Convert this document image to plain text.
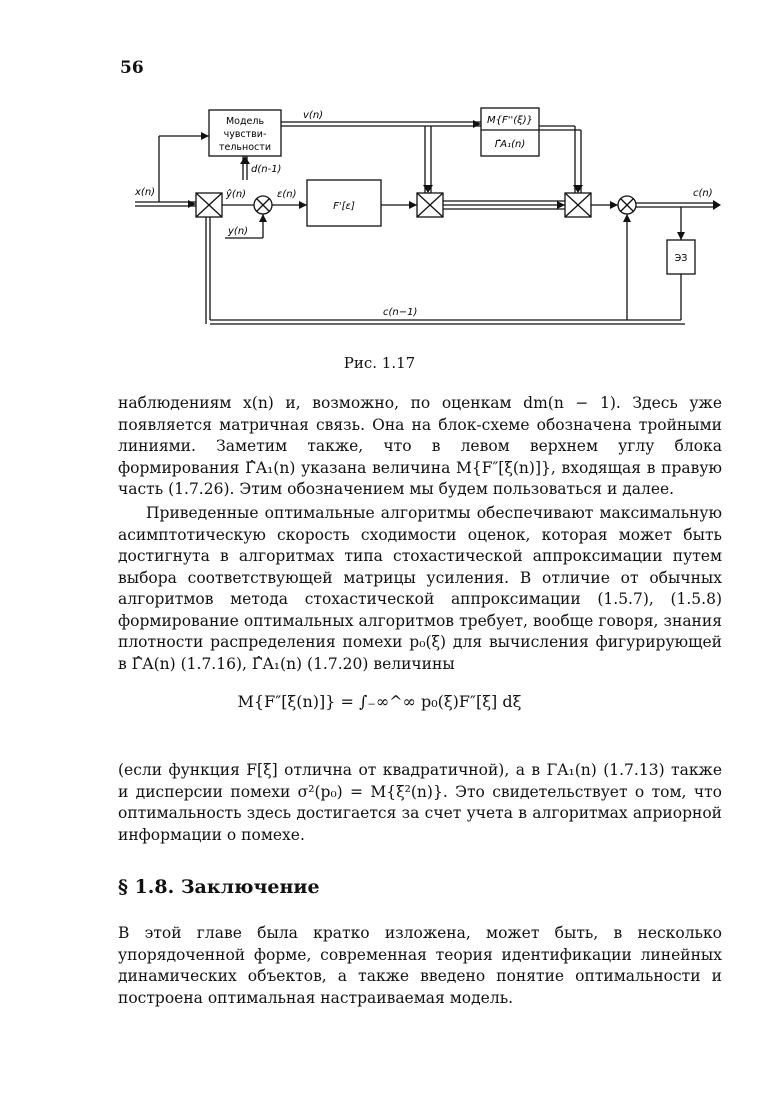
56
Модель
чувстви-
тельности
v(n)
d(n-1)
x(n)	ŷ(n)	ε(n)
y(n)
F'[ε]
M{F''(ξ)}
Γ̂A₁(n)
c(n)
ЭЗ
c(n−1)
Рис. 1.17

наблюдениям x(n) и, возможно, по оценкам dm(n − 1). Здесь уже появляется матричная связь. Она на блок-схеме обозначена тройными линиями. Заметим также, что в левом верхнем углу блока формирования Γ̂A₁(n) указана величина M{F″[ξ(n)]}, входящая в правую часть (1.7.26). Этим обозначением мы будем пользоваться и далее.

Приведенные оптимальные алгоритмы обеспечивают максимальную асимптотическую скорость сходимости оценок, которая может быть достигнута в алгоритмах типа стохастической аппроксимации путем выбора соответствующей матрицы усиления. В отличие от обычных алгоритмов метода стохастической аппроксимации (1.5.7), (1.5.8) формирование оптимальных алгоритмов требует, вообще говоря, знания плотности распределения помехи p₀(ξ) для вычисления фигурирующей в Γ̂A(n) (1.7.16), Γ̂A₁(n) (1.7.20) величины

M{F″[ξ(n)]} = ∫₋∞^∞ p₀(ξ)F″[ξ] dξ

(если функция F[ξ] отлична от квадратичной), а в ΓA₁(n) (1.7.13) также и дисперсии помехи σ²(p₀) = M{ξ²(n)}. Это свидетельствует о том, что оптимальность здесь достигается за счет учета в алгоритмах априорной информации о помехе.

§ 1.8. Заключение

В этой главе была кратко изложена, может быть, в несколько упорядоченной форме, современная теория идентификации линейных динамических объектов, а также введено понятие оптимальности и построена оптимальная настраиваемая модель.
